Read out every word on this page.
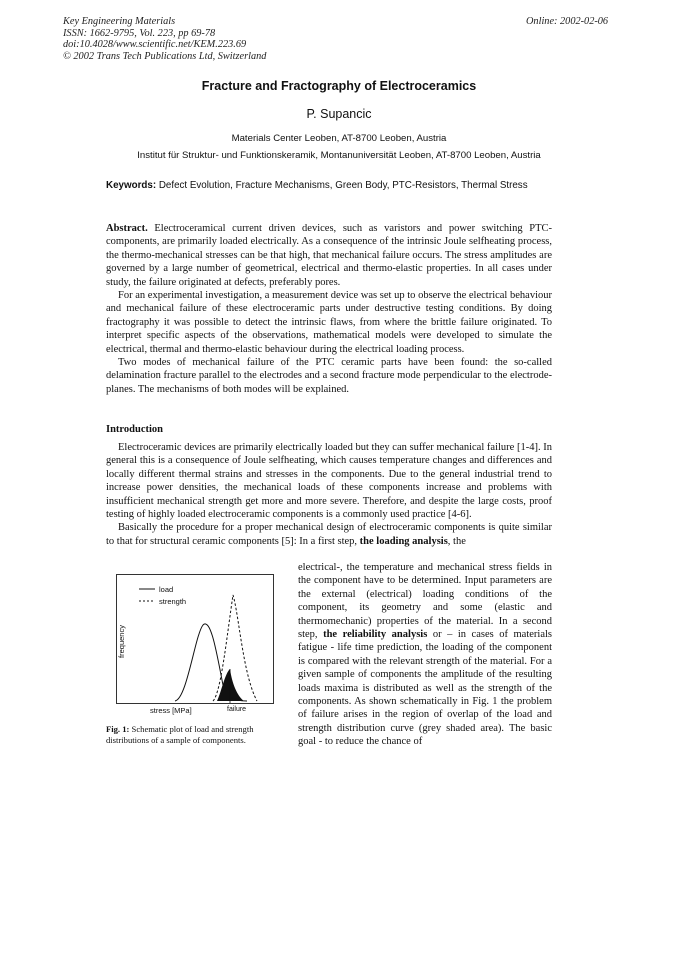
Key Engineering Materials
ISSN: 1662-9795, Vol. 223, pp 69-78
doi:10.4028/www.scientific.net/KEM.223.69
© 2002 Trans Tech Publications Ltd, Switzerland
Online: 2002-02-06
Fracture and Fractography of Electroceramics
P. Supancic
Materials Center Leoben, AT-8700 Leoben, Austria
Institut für Struktur- und Funktionskeramik, Montanuniversität Leoben, AT-8700 Leoben, Austria
Keywords: Defect Evolution, Fracture Mechanisms, Green Body, PTC-Resistors, Thermal Stress

Abstract. Electroceramical current driven devices, such as varistors and power switching PTC-components, are primarily loaded electrically. As a consequence of the intrinsic Joule selfheating process, the thermo-mechanical stresses can be that high, that mechanical failure occurs. The stress amplitudes are governed by a large number of geometrical, electrical and thermo-elastic properties. In all cases under study, the failure originated at defects, preferably pores.

For an experimental investigation, a measurement device was set up to observe the electrical behaviour and mechanical failure of these electroceramic parts under destructive testing conditions. By doing fractography it was possible to detect the intrinsic flaws, from where the brittle failure originated. To interpret specific aspects of the observations, mathematical models were developed to simulate the electrical, thermal and thermo-elastic behaviour during the electrical loading process.

Two modes of mechanical failure of the PTC ceramic parts have been found: the so-called delamination fracture parallel to the electrodes and a second fracture mode perpendicular to the electrode-planes. The mechanisms of both modes will be explained.

Introduction

Electroceramic devices are primarily electrically loaded but they can suffer mechanical failure [1-4]. In general this is a consequence of Joule selfheating, which causes temperature changes and differences and locally different thermal strains and stresses in the components. Due to the general industrial trend to increase power densities, the mechanical loads of these components increase and problems with insufficient mechanical strength get more and more severe. Therefore, and despite the large costs, proof testing of highly loaded electroceramic components is a commonly used practice [4-6].

Basically the procedure for a proper mechanical design of electroceramic components is quite similar to that for structural ceramic components [5]: In a first step, the loading analysis, the

electrical-, the temperature and mechanical stress fields in the component have to be determined. Input parameters are the external (electrical) loading conditions of the component, its geometry and some (elastic and thermomechanic) properties of the material. In a second step, the reliability analysis or – in cases of materials fatigue - life time prediction, the loading of the component is compared with the relevant strength of the material. For a given sample of components the amplitude of the resulting loads maxima is distributed as well as the strength of the components. As shown schematically in Fig. 1 the problem of failure arises in the region of overlap of the load and strength distribution curve (grey shaded area). The basic goal - to reduce the chance of

load
strength
frequency
stress [MPa]	failure
Fig. 1: Schematic plot of load and strength distributions of a sample of components.
